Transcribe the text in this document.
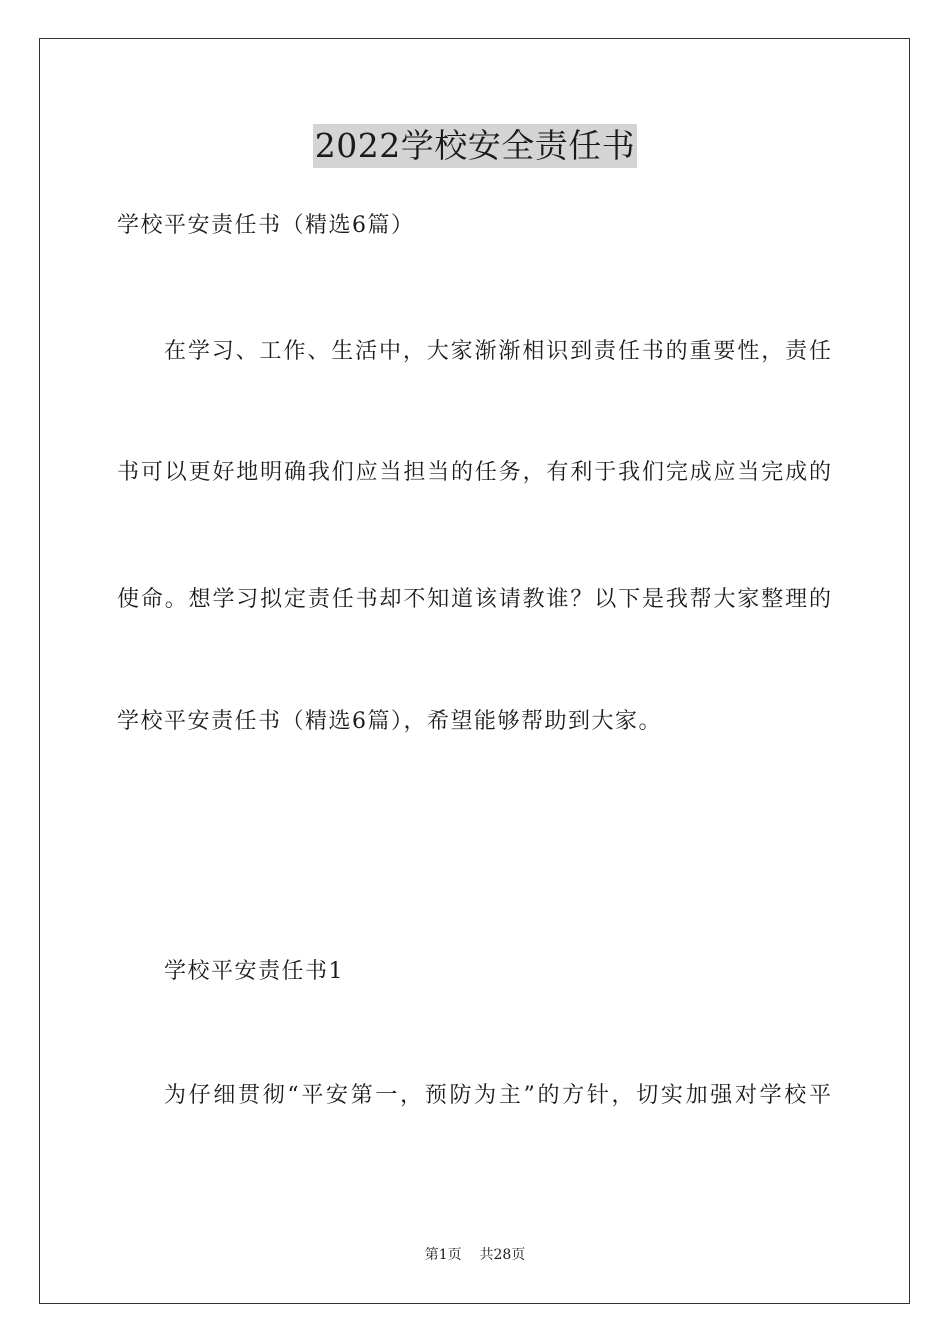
2022学校安全责任书
学校平安责任书（精选6篇）
在学习、工作、生活中，大家渐渐相识到责任书的重要性，责任
书可以更好地明确我们应当担当的任务，有利于我们完成应当完成的
使命。想学习拟定责任书却不知道该请教谁？以下是我帮大家整理的
学校平安责任书（精选6篇），希望能够帮助到大家。
学校平安责任书1
为仔细贯彻“平安第一，预防为主”的方针，切实加强对学校平
第1页 共28页
